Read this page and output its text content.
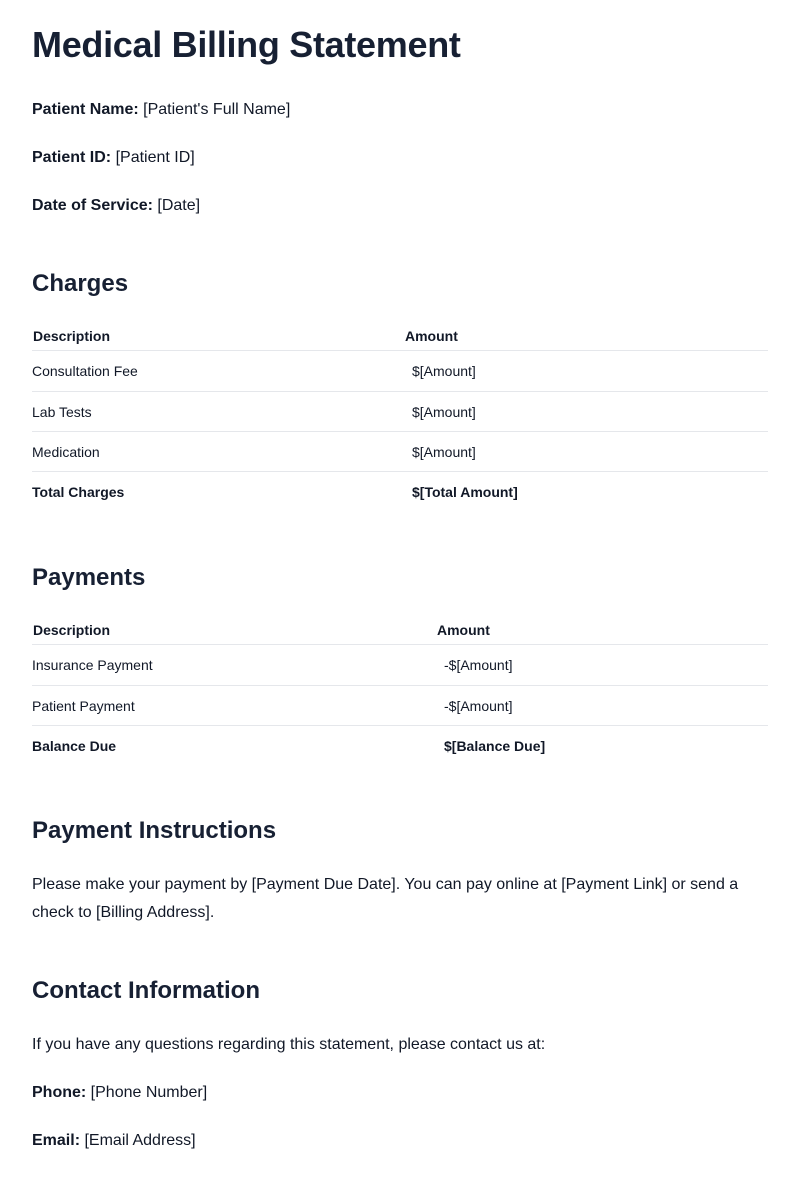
Medical Billing Statement

Patient Name: [Patient's Full Name]

Patient ID: [Patient ID]

Date of Service: [Date]

Charges
Description	Amount
Consultation Fee	$[Amount]
Lab Tests	$[Amount]
Medication	$[Amount]
Total Charges	$[Total Amount]
Payments
Description	Amount
Insurance Payment	-$[Amount]
Patient Payment	-$[Amount]
Balance Due	$[Balance Due]
Payment Instructions

Please make your payment by [Payment Due Date]. You can pay online at [Payment Link] or send a check to [Billing Address].

Contact Information

If you have any questions regarding this statement, please contact us at:

Phone: [Phone Number]

Email: [Email Address]
